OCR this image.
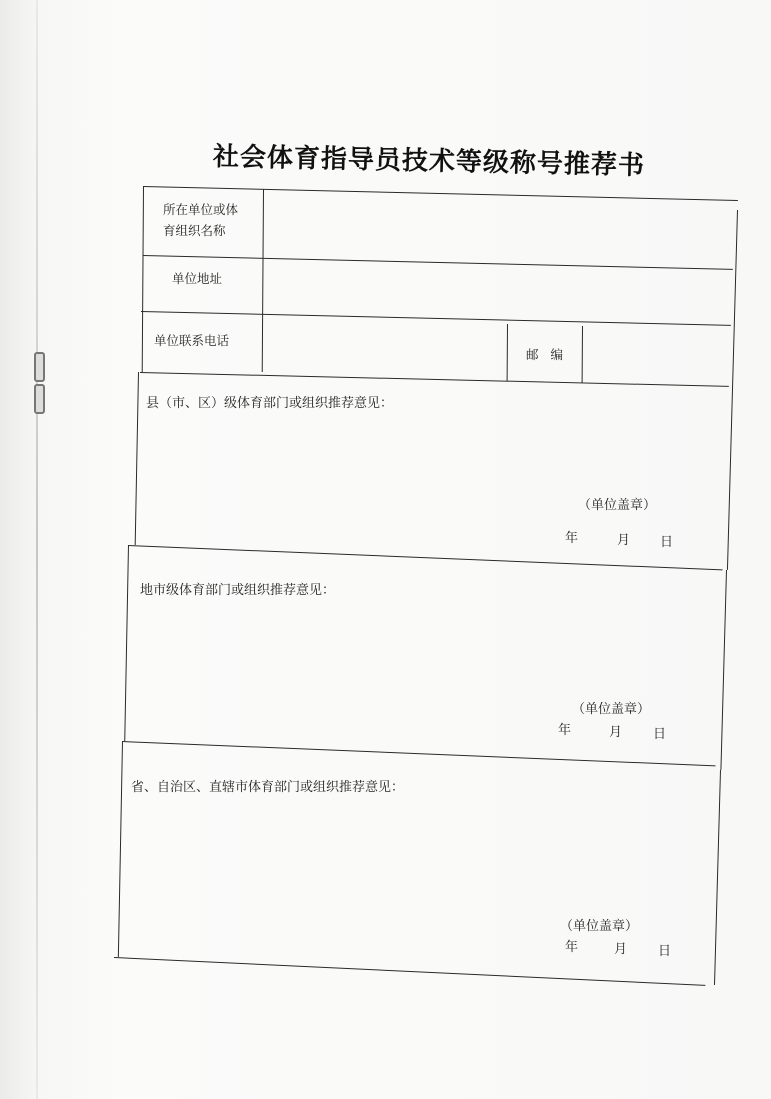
社会体育指导员技术等级称号推荐书
所在单位或体
育组织名称
单位地址
单位联系电话
邮 编
县（市、区）级体育部门或组织推荐意见：
（单位盖章）
年	月 日
地市级体育部门或组织推荐意见：
（单位盖章）
年	月 日
省、自治区、直辖市体育部门或组织推荐意见：
（单位盖章）
年	月 日
